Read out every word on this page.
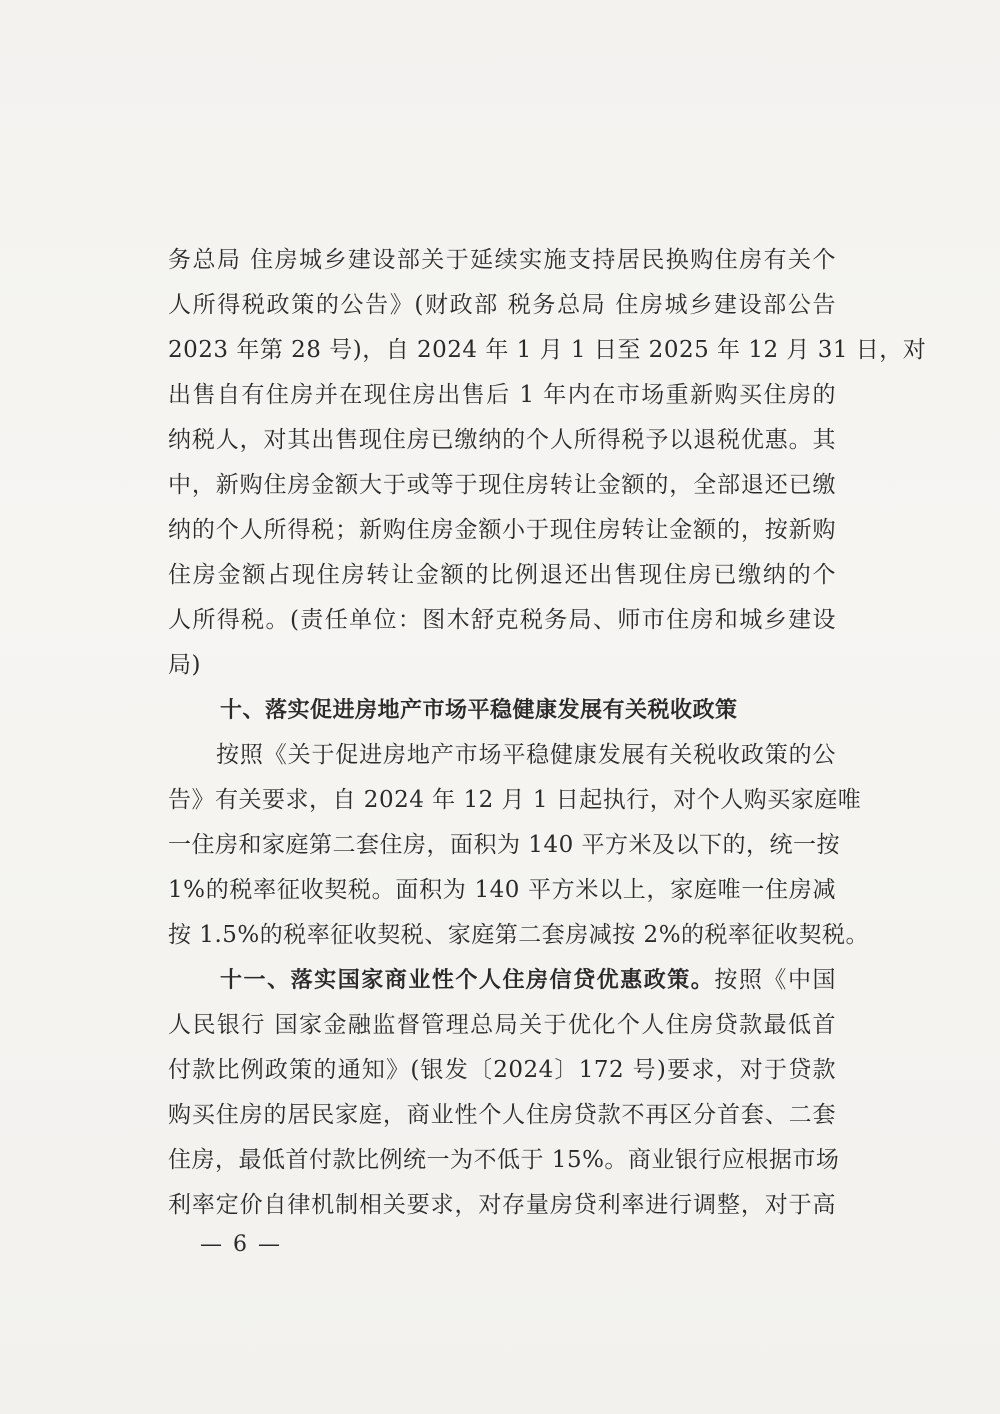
务总局 住房城乡建设部关于延续实施支持居民换购住房有关个
人所得税政策的公告》(财政部 税务总局 住房城乡建设部公告
2023 年第 28 号)，自 2024 年 1 月 1 日至 2025 年 12 月 31 日，对
出售自有住房并在现住房出售后 1 年内在市场重新购买住房的
纳税人，对其出售现住房已缴纳的个人所得税予以退税优惠。其
中，新购住房金额大于或等于现住房转让金额的，全部退还已缴
纳的个人所得税；新购住房金额小于现住房转让金额的，按新购
住房金额占现住房转让金额的比例退还出售现住房已缴纳的个
人所得税。(责任单位：图木舒克税务局、师市住房和城乡建设
局)
十、落实促进房地产市场平稳健康发展有关税收政策
按照《关于促进房地产市场平稳健康发展有关税收政策的公
告》有关要求，自 2024 年 12 月 1 日起执行，对个人购买家庭唯
一住房和家庭第二套住房，面积为 140 平方米及以下的，统一按
1%的税率征收契税。面积为 140 平方米以上，家庭唯一住房减
按 1.5%的税率征收契税、家庭第二套房减按 2%的税率征收契税。
十一、落实国家商业性个人住房信贷优惠政策。按照《中国
人民银行 国家金融监督管理总局关于优化个人住房贷款最低首
付款比例政策的通知》(银发〔2024〕172 号)要求，对于贷款
购买住房的居民家庭，商业性个人住房贷款不再区分首套、二套
住房，最低首付款比例统一为不低于 15%。商业银行应根据市场
利率定价自律机制相关要求，对存量房贷利率进行调整，对于高
— 6 —
